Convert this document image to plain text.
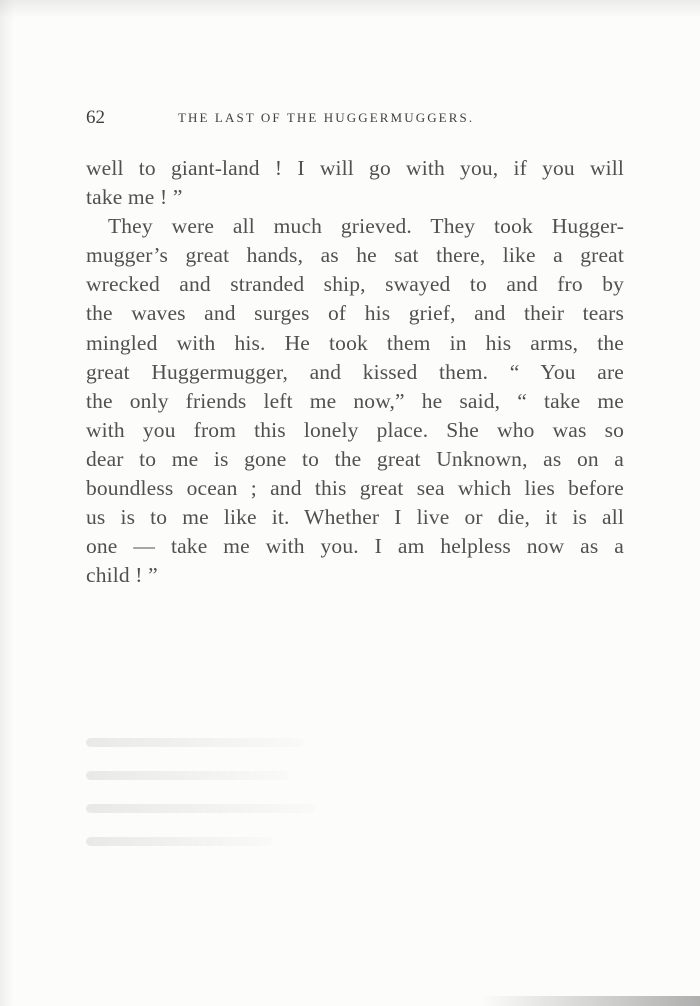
62	THE LAST OF THE HUGGERMUGGERS.
well to giant-land ! I will go with you, if you will
take me ! ”
They were all much grieved. They took Hugger-
mugger’s great hands, as he sat there, like a great
wrecked and stranded ship, swayed to and fro by
the waves and surges of his grief, and their tears
mingled with his. He took them in his arms, the
great Huggermugger, and kissed them. “ You are
the only friends left me now,” he said, “ take me
with you from this lonely place. She who was so
dear to me is gone to the great Unknown, as on a
boundless ocean ; and this great sea which lies before
us is to me like it. Whether I live or die, it is all
one — take me with you. I am helpless now as a
child ! ”
